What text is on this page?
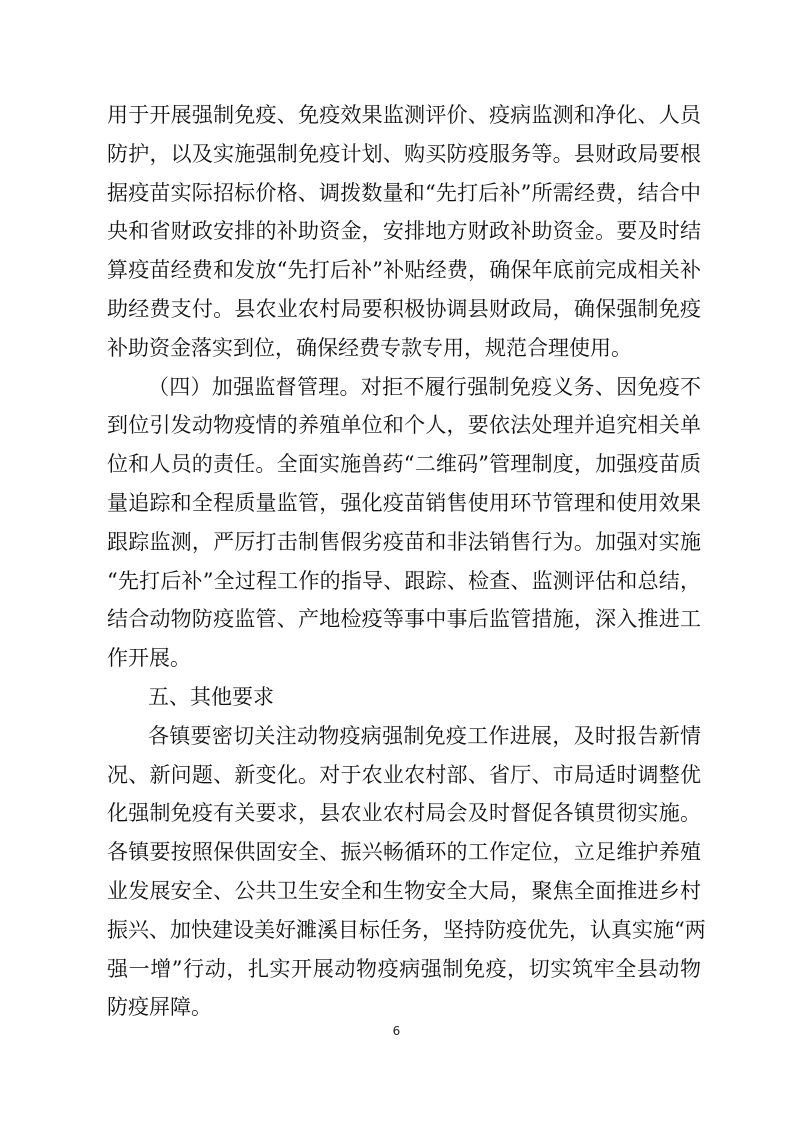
用于开展强制免疫、免疫效果监测评价、疫病监测和净化、人员
防护，以及实施强制免疫计划、购买防疫服务等。县财政局要根
据疫苗实际招标价格、调拨数量和“先打后补”所需经费，结合中
央和省财政安排的补助资金，安排地方财政补助资金。要及时结
算疫苗经费和发放“先打后补”补贴经费，确保年底前完成相关补
助经费支付。县农业农村局要积极协调县财政局，确保强制免疫
补助资金落实到位，确保经费专款专用，规范合理使用。
（四）加强监督管理。对拒不履行强制免疫义务、因免疫不
到位引发动物疫情的养殖单位和个人，要依法处理并追究相关单
位和人员的责任。全面实施兽药“二维码”管理制度，加强疫苗质
量追踪和全程质量监管，强化疫苗销售使用环节管理和使用效果
跟踪监测，严厉打击制售假劣疫苗和非法销售行为。加强对实施
“先打后补”全过程工作的指导、跟踪、检查、监测评估和总结，
结合动物防疫监管、产地检疫等事中事后监管措施，深入推进工
作开展。
五、其他要求
各镇要密切关注动物疫病强制免疫工作进展，及时报告新情
况、新问题、新变化。对于农业农村部、省厅、市局适时调整优
化强制免疫有关要求，县农业农村局会及时督促各镇贯彻实施。
各镇要按照保供固安全、振兴畅循环的工作定位，立足维护养殖
业发展安全、公共卫生安全和生物安全大局，聚焦全面推进乡村
振兴、加快建设美好濉溪目标任务，坚持防疫优先，认真实施“两
强一增”行动，扎实开展动物疫病强制免疫，切实筑牢全县动物
防疫屏障。
6
